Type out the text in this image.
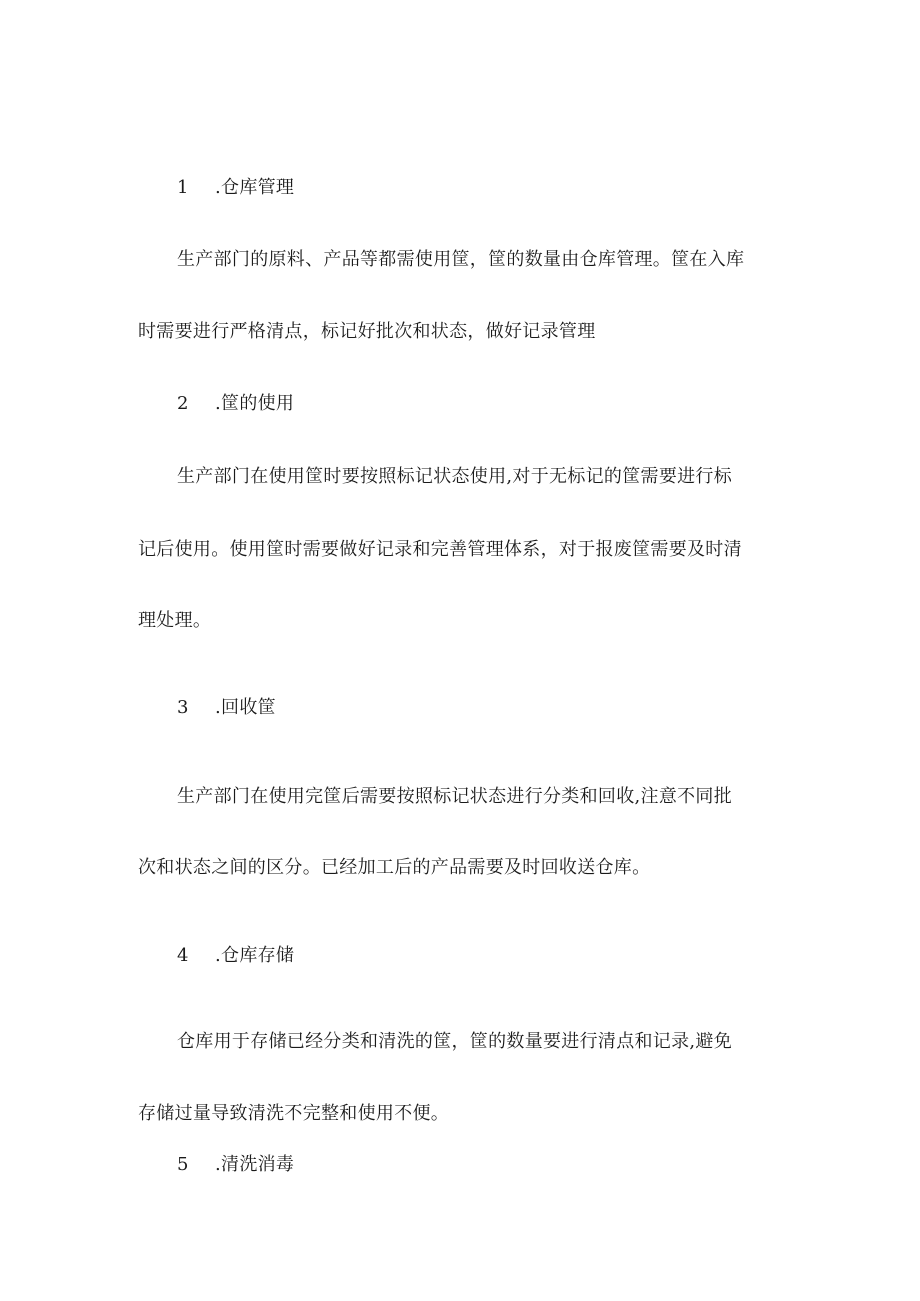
1 .仓库管理
生产部门的原料、产品等都需使用筐，筐的数量由仓库管理。筐在入库
时需要进行严格清点，标记好批次和状态，做好记录管理
2 .筐的使用
生产部门在使用筐时要按照标记状态使用,对于无标记的筐需要进行标
记后使用。使用筐时需要做好记录和完善管理体系，对于报废筐需要及时清
理处理。
3 .回收筐
生产部门在使用完筐后需要按照标记状态进行分类和回收,注意不同批
次和状态之间的区分。已经加工后的产品需要及时回收送仓库。
4 .仓库存储
仓库用于存储已经分类和清洗的筐，筐的数量要进行清点和记录,避免
存储过量导致清洗不完整和使用不便。
5 .清洗消毒
